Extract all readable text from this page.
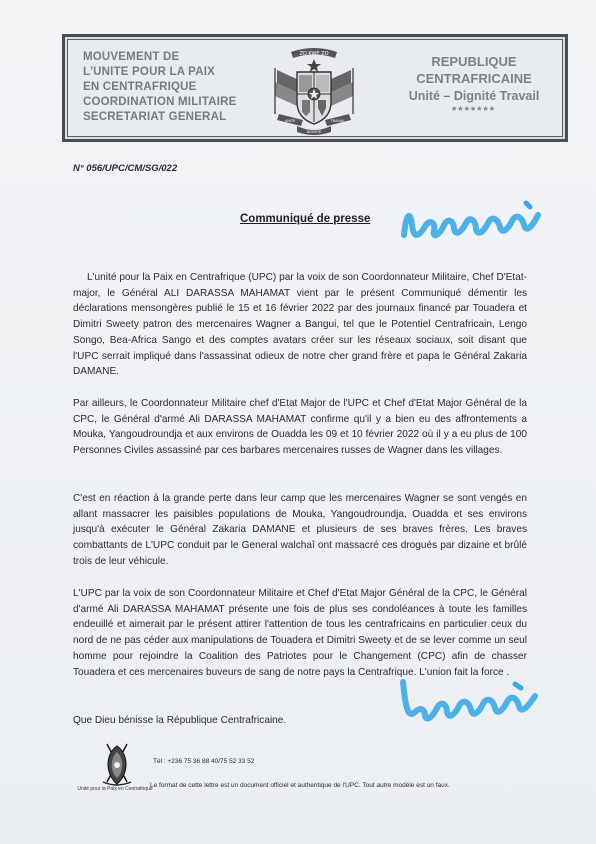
MOUVEMENT DE
L'UNITE POUR LA PAIX
EN CENTRAFRIQUE
COORDINATION MILITAIRE
SECRETARIAT GENERAL
ZO KWE ZO
UNITE	TRAVAIL
DIGNITE
REPUBLIQUE
CENTRAFRICAINE
Unité – Dignité Travail
*******
N° 056/UPC/CM/SG/022
Communiqué de presse
L'unité pour la Paix en Centrafrique (UPC) par la voix de son Coordonnateur Militaire, Chef D'Etat-major, le Général ALI DARASSA MAHAMAT vient par le présent Communiqué démentir les déclarations mensongères publié le 15 et 16 février 2022 par des journaux financé par Touadera et Dimitri Sweety patron des mercenaires Wagner a Bangui, tel que le Potentiel Centrafricain, Lengo Songo, Bea-Africa Sango et des comptes avatars créer sur les réseaux sociaux, soit disant que l'UPC serrait impliqué dans l'assassinat odieux de notre cher grand frère et papa le Général Zakaria DAMANE.
Par ailleurs, le Coordonnateur Militaire chef d'Etat Major de l'UPC et Chef d'Etat Major Général de la CPC, le Général d'armé Ali DARASSA MAHAMAT confirme qu'il y a bien eu des affrontements a Mouka, Yangoudroundja et aux environs de Ouadda les 09 et 10 février 2022 où il y a eu plus de 100 Personnes Civiles assassiné par ces barbares mercenaires russes de Wagner dans les villages.
C'est en réaction à la grande perte dans leur camp que les mercenaires Wagner se sont vengés en allant massacrer les paisibles populations de Mouka, Yangoudroundja, Ouadda et ses environs jusqu'à exécuter le Général Zakaria DAMANE et plusieurs de ses braves frères. Les braves combattants de L'UPC conduit par le General walchaî ont massacré ces drogués par dizaine et brûlé trois de leur véhicule.
L'UPC par la voix de son Coordonnateur Militaire et Chef d'Etat Major Général de la CPC, le Général d'armé Ali DARASSA MAHAMAT présente une fois de plus ses condoléances à toute les familles endeuillé et aimerait par le présent attirer l'attention de tous les centrafricains en particulier ceux du nord de ne pas céder aux manipulations de Touadera et Dimitri Sweety et de se lever comme un seul homme pour rejoindre la Coalition des Patriotes pour le Changement (CPC) afin de chasser Touadera et ces mercenaires buveurs de sang de notre pays la Centrafrique. L'union fait la force .
Que Dieu bénisse la République Centrafricaine.
Unité pour la Paix en Centrafrique
Tél : +236 75 36 88 40/75 52 33 52
Le format de cette lettre est un document officiel et authentique de l'UPC. Tout autre modèle est un faux.
